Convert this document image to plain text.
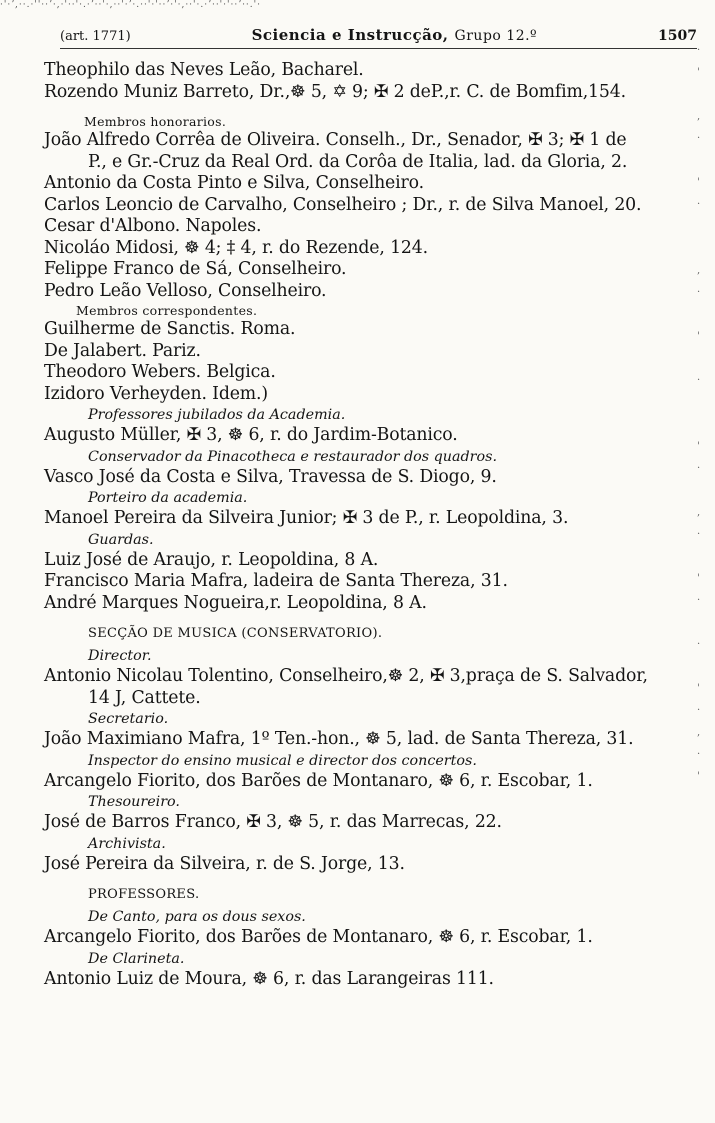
·'·ʼ,··.·''··ʼ·,·'··'·.·ʼ··'·,··'·ʼ·.··'·'··ʼ·'·,··'·.·ʼ··'·'··ʼ··.'·
·
'

,
·

'
·

,
·

'

·

'
·

,
·

'
·

·

'
·
,
·
'
(art. 1771)	Sciencia e Instrucção, Grupo 12.º	1507
Theophilo das Neves Leão, Bacharel.
Rozendo Muniz Barreto, Dr.,☸ 5, ✡ 9; ✠ 2 deP.,r. C. de Bomfim,154.
Membros honorarios.
João Alfredo Corrêa de Oliveira. Conselh., Dr., Senador, ✠ 3; ✠ 1 de
P., e Gr.-Cruz da Real Ord. da Corôa de Italia, lad. da Gloria, 2.
Antonio da Costa Pinto e Silva, Conselheiro.
Carlos Leoncio de Carvalho, Conselheiro ; Dr., r. de Silva Manoel, 20.
Cesar d'Albono. Napoles.
Nicoláo Midosi, ☸ 4; ‡ 4, r. do Rezende, 124.
Felippe Franco de Sá, Conselheiro.
Pedro Leão Velloso, Conselheiro.
Membros correspondentes.
Guilherme de Sanctis. Roma.
De Jalabert. Pariz.
Theodoro Webers. Belgica.
Izidoro Verheyden. Idem.)
Professores jubilados da Academia.
Augusto Müller, ✠ 3, ☸ 6, r. do Jardim-Botanico.
Conservador da Pinacotheca e restaurador dos quadros.
Vasco José da Costa e Silva, Travessa de S. Diogo, 9.
Porteiro da academia.
Manoel Pereira da Silveira Junior; ✠ 3 de P., r. Leopoldina, 3.
Guardas.
Luiz José de Araujo, r. Leopoldina, 8 A.
Francisco Maria Mafra, ladeira de Santa Thereza, 31.
André Marques Nogueira,r. Leopoldina, 8 A.
SECÇÃO DE MUSICA (CONSERVATORIO).
Director.
Antonio Nicolau Tolentino, Conselheiro,☸ 2, ✠ 3,praça de S. Salvador,
14 J, Cattete.
Secretario.
João Maximiano Mafra, 1º Ten.-hon., ☸ 5, lad. de Santa Thereza, 31.
Inspector do ensino musical e director dos concertos.
Arcangelo Fiorito, dos Barões de Montanaro, ☸ 6, r. Escobar, 1.
Thesoureiro.
José de Barros Franco, ✠ 3, ☸ 5, r. das Marrecas, 22.
Archivista.
José Pereira da Silveira, r. de S. Jorge, 13.
PROFESSORES.
De Canto, para os dous sexos.
Arcangelo Fiorito, dos Barões de Montanaro, ☸ 6, r. Escobar, 1.
De Clarineta.
Antonio Luiz de Moura, ☸ 6, r. das Larangeiras 111.
